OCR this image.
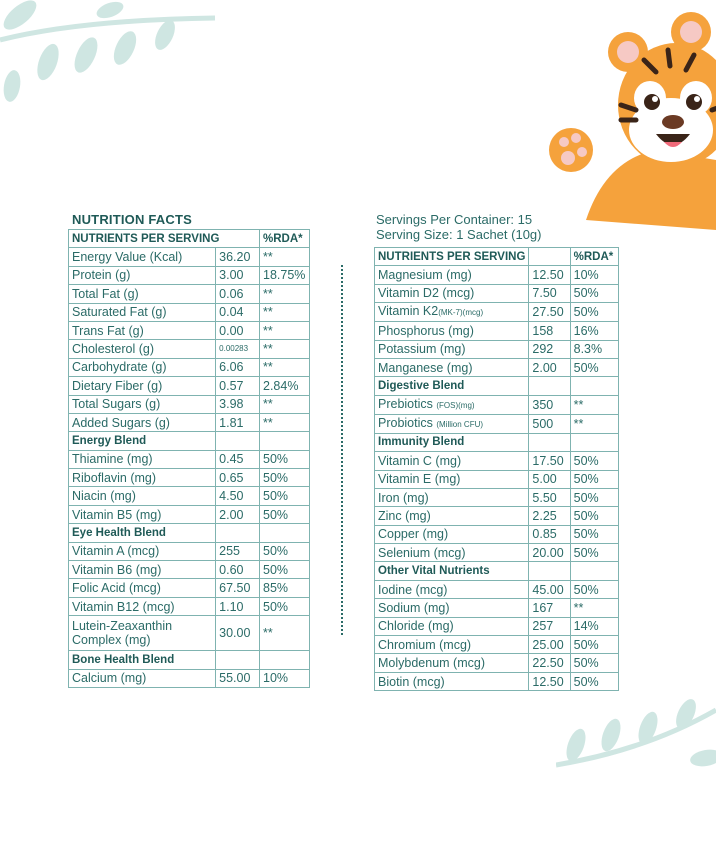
NUTRITION FACTS	Servings Per Container: 15
Serving Size: 1 Sachet (10g)
NUTRIENTS PER SERVING		%RDA*
Energy Value (Kcal)	36.20	**
Protein (g)	3.00	18.75%
Total Fat (g)	0.06	**
Saturated Fat (g)	0.04	**
Trans Fat (g)	0.00	**
Cholesterol (g)	0.00283	**
Carbohydrate (g)	6.06	**
Dietary Fiber (g)	0.57	2.84%
Total Sugars (g)	3.98	**
Added Sugars (g)	1.81	**
Energy Blend		
Thiamine (mg)	0.45	50%
Riboflavin (mg)	0.65	50%
Niacin (mg)	4.50	50%
Vitamin B5 (mg)	2.00	50%
Eye Health Blend		
Vitamin A (mcg)	255	50%
Vitamin B6 (mg)	0.60	50%
Folic Acid (mcg)	67.50	85%
Vitamin B12 (mcg)	1.10	50%
Lutein-Zeaxanthin Complex (mg)	30.00	**
Bone Health Blend		
Calcium (mg)	55.00	10%
NUTRIENTS PER SERVING		%RDA*
Magnesium (mg)	12.50	10%
Vitamin D2 (mcg)	7.50	50%
Vitamin K2(MK-7)(mcg)	27.50	50%
Phosphorus (mg)	158	16%
Potassium (mg)	292	8.3%
Manganese (mg)	2.00	50%
Digestive Blend		
Prebiotics (FOS)(mg)	350	**
Probiotics (Million CFU)	500	**
Immunity Blend		
Vitamin C (mg)	17.50	50%
Vitamin E (mg)	5.00	50%
Iron (mg)	5.50	50%
Zinc (mg)	2.25	50%
Copper (mg)	0.85	50%
Selenium (mcg)	20.00	50%
Other Vital Nutrients		
Iodine (mcg)	45.00	50%
Sodium (mg)	167	**
Chloride (mg)	257	14%
Chromium (mcg)	25.00	50%
Molybdenum (mcg)	22.50	50%
Biotin (mcg)	12.50	50%
